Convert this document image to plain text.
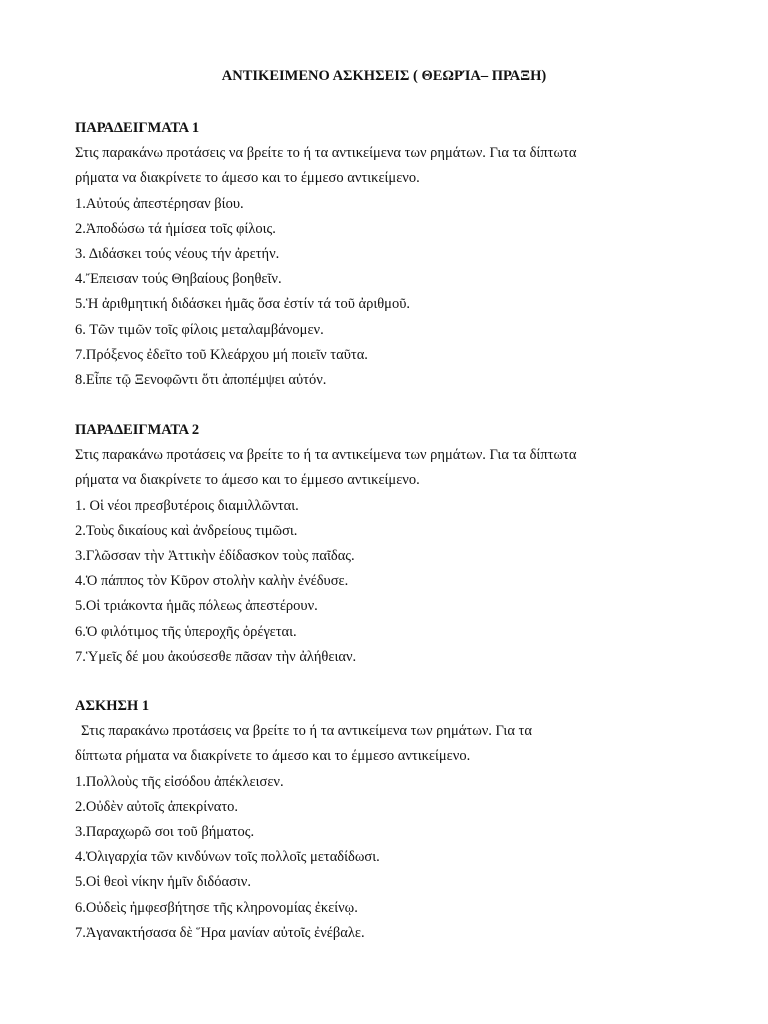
ΑΝΤΙΚΕΙΜΕΝΟ ΑΣΚΗΣΕΙΣ ( ΘΕΩΡΊΑ– ΠΡΑΞΗ)
ΠΑΡΑΔΕΙΓΜΑΤΑ 1
Στις παρακάνω προτάσεις να βρείτε το ή τα αντικείμενα των ρημάτων. Για τα δίπτωτα
ρήματα να διακρίνετε το άμεσο και το έμμεσο αντικείμενο.
1.Αὐτούς ἀπεστέρησαν βίου.
2.Ἀποδώσω τά ἡμίσεα τοῖς φίλοις.
3. Διδάσκει τούς νέους τήν ἀρετήν.
4.Ἔπεισαν τούς Θηβαίους βοηθεῖν.
5.Ἡ ἀριθμητική διδάσκει ἡμᾶς ὅσα ἐστίν τά τοῦ ἀριθμοῦ.
6. Τῶν τιμῶν τοῖς φίλοις μεταλαμβάνομεν.
7.Πρόξενος ἐδεῖτο τοῦ Κλεάρχου μή ποιεῖν ταῦτα.
8.Εἶπε τῷ Ξενοφῶντι ὅτι ἀποπέμψει αὐτόν.
ΠΑΡΑΔΕΙΓΜΑΤΑ 2
Στις παρακάνω προτάσεις να βρείτε το ή τα αντικείμενα των ρημάτων. Για τα δίπτωτα
ρήματα να διακρίνετε το άμεσο και το έμμεσο αντικείμενο.
1. Οἱ νέοι πρεσβυτέροις διαμιλλῶνται.
2.Τοὺς δικαίους καὶ ἀνδρείους τιμῶσι.
3.Γλῶσσαν τὴν Ἀττικὴν ἐδίδασκον τοὺς παῖδας.
4.Ὁ πάππος τὸν Κῦρον στολὴν καλὴν ἐνέδυσε.
5.Οἱ τριάκοντα ἡμᾶς πόλεως ἀπεστέρουν.
6.Ὁ φιλότιμος τῆς ὑπεροχῆς ὀρέγεται.
7.Ὑμεῖς δέ μου ἀκούσεσθε πᾶσαν τὴν ἀλήθειαν.
ΑΣΚΗΣΗ 1
Στις παρακάνω προτάσεις να βρείτε το ή τα αντικείμενα των ρημάτων. Για τα
δίπτωτα ρήματα να διακρίνετε το άμεσο και το έμμεσο αντικείμενο.
1.Πολλοὺς τῆς εἰσόδου ἀπέκλεισεν.
2.Οὐδὲν αὐτοῖς ἀπεκρίνατο.
3.Παραχωρῶ σοι τοῦ βήματος.
4.Ὀλιγαρχία τῶν κινδύνων τοῖς πολλοῖς μεταδίδωσι.
5.Οἱ θεοὶ νίκην ἡμῖν διδόασιν.
6.Οὐδεὶς ἠμφεσβήτησε τῆς κληρονομίας ἐκείνῳ.
7.Ἀγανακτήσασα δὲ Ἥρα μανίαν αὐτοῖς ἐνέβαλε.
